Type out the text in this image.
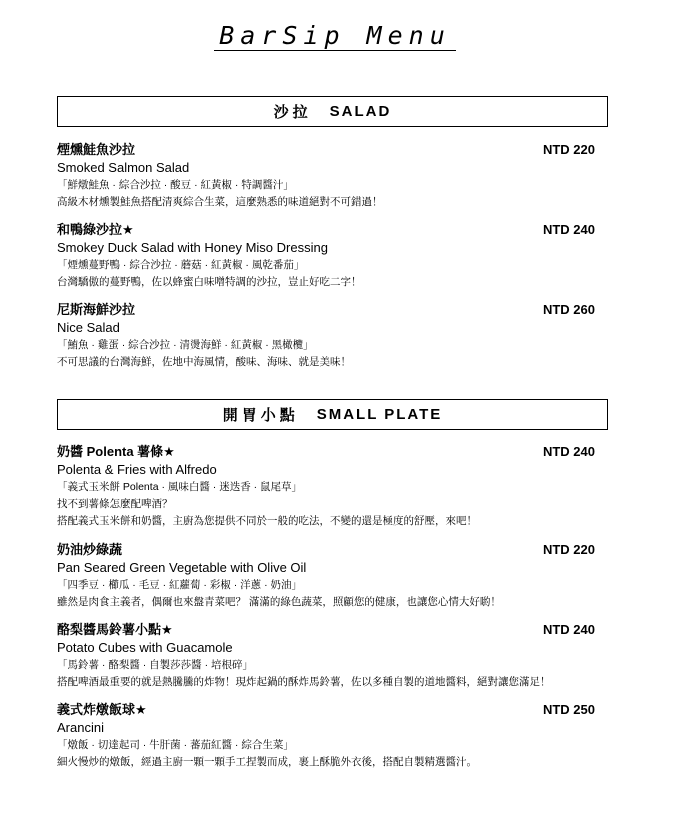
BarSip Menu
沙拉 SALAD
煙燻鮭魚沙拉	NTD 220
Smoked Salmon Salad
「鮮燉鮭魚 · 綜合沙拉 · 酸豆 · 紅黃椒 · 特調醬汁」
高級木材燻製鮭魚搭配清爽綜合生菜，這麼熟悉的味道絕對不可錯過！
和鴨綠沙拉★	NTD 240
Smokey Duck Salad with Honey Miso Dressing
「煙燻蔓野鴨 · 綜合沙拉 · 蘑菇 · 紅黃椒 · 風乾番茄」
台灣驕傲的蔓野鴨，佐以蜂蜜白味噌特調的沙拉，豈止好吃二字！
尼斯海鮮沙拉	NTD 260
Nice Salad
「鮪魚 · 雞蛋 · 綜合沙拉 · 清燙海鮮 · 紅黃椒 · 黑橄欖」
不可思議的台灣海鮮，佐地中海風情，酸味、海味、就是美味！
開胃小點 SMALL PLATE
奶醬 Polenta 薯條★	NTD 240
Polenta & Fries with Alfredo
「義式玉米餅 Polenta · 風味白醬 · 迷迭香 · 鼠尾草」
找不到薯條怎麼配啤酒？
搭配義式玉米餅和奶醬，主廚為您提供不同於一般的吃法，不變的還是極度的舒壓，來吧！
奶油炒綠蔬	NTD 220
Pan Seared Green Vegetable with Olive Oil
「四季豆 · 櫛瓜 · 毛豆 · 紅蘿蔔 · 彩椒 · 洋蔥 · 奶油」
雖然是肉食主義者，偶爾也來盤青菜吧？ 滿滿的綠色蔬菜，照顧您的健康，也讓您心情大好喲！
酪梨醬馬鈴薯小點★	NTD 240
Potato Cubes with Guacamole
「馬鈴薯 · 酪梨醬 · 自製莎莎醬 · 培根碎」
搭配啤酒最重要的就是熱騰騰的炸物！現炸起鍋的酥炸馬鈴薯，佐以多種自製的道地醬料，絕對讓您滿足！
義式炸燉飯球★	NTD 250
Arancini
「燉飯 · 切達起司 · 牛肝菌 · 蕃茄紅醬 · 綜合生菜」
細火慢炒的燉飯，經過主廚一顆一顆手工捏製而成，裹上酥脆外衣後，搭配自製精選醬汁。
